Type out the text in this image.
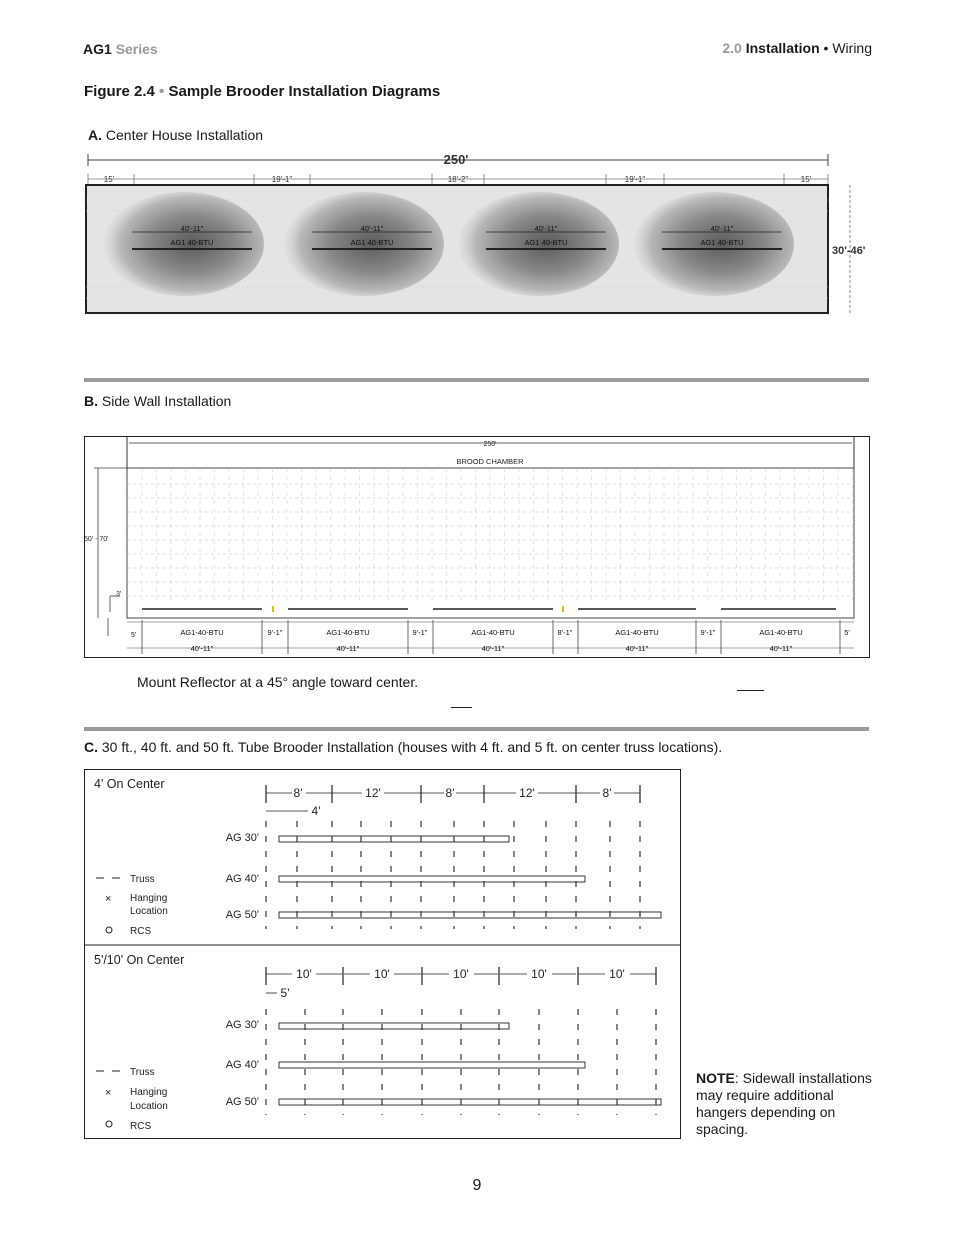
AG1 Series	2.0 Installation • Wiring
Figure 2.4 • Sample Brooder Installation Diagrams
A. Center House Installation
250'
15'	19'-1"	18'-2"	19'-1"	15'
40'-11"
AG1 40-BTU
40'-11"
AG1 40-BTU
40'-11"
AG1 40-BTU
40'-11"
AG1 40-BTU
30'-46'
B. Side Wall Installation
250'
BROOD CHAMBER
50' - 70'
3'
5'	AG1-40-BTU
40'-11"
9'-1"	AG1-40-BTU
40'-11"
9'-1"	AG1-40-BTU
40'-11"
8'-1"	AG1-40-BTU
40'-11"
9'-1"	AG1-40-BTU
40'-11"
5'
Mount Reflector at a 45° angle toward center.
C. 30 ft., 40 ft. and 50 ft. Tube Brooder Installation (houses with 4 ft. and 5 ft. on center truss locations).
4' On Center
8'	12'	8'	12'	8'
4'
AG 30'
AG 40'
AG 50'
Truss
× Hanging
Location
RCS
5'/10' On Center
10'	10'	10'	10'	10'
5'
AG 30'
AG 40'
AG 50'
Truss
× Hanging
Location
RCS
NOTE: Sidewall installations may require additional hangers depending on spacing.
9
